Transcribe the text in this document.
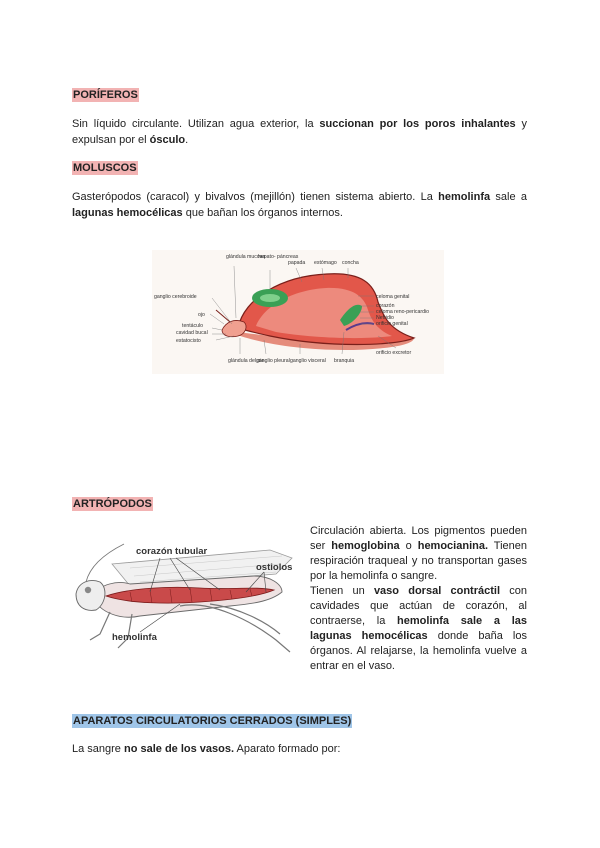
PORÍFEROS
Sin líquido circulante. Utilizan agua exterior, la succionan por los poros inhalantes y expulsan por el ósculo.
MOLUSCOS
Gasterópodos (caracol) y bivalvos (mejillón) tienen sistema abierto. La hemolinfa sale a lagunas hemocélicas que bañan los órganos internos.
glándula mucosa
hepato- páncreas
papada estómago concha
ganglio cerebroide
ojo
tentáculo
cavidad bucal
estatocisto
celoma genital
corazón
celoma reno-pericardio
Nefridio
orificio genital
orificio excretor
glándula del pie
ganglio pleural ganglio visceral branquia
ARTRÓPODOS
corazón tubular
ostiolos
hemolinfa

Circulación abierta. Los pigmentos pueden ser hemoglobina o hemocianina. Tienen respiración traqueal y no transportan gases por la hemolinfa o sangre.

Tienen un vaso dorsal contráctil con cavidades que actúan de corazón, al contraerse, la hemolinfa sale a las lagunas hemocélicas donde baña los órganos. Al relajarse, la hemolinfa vuelve a entrar en el vaso.

APARATOS CIRCULATORIOS CERRADOS (SIMPLES)
La sangre no sale de los vasos. Aparato formado por:
